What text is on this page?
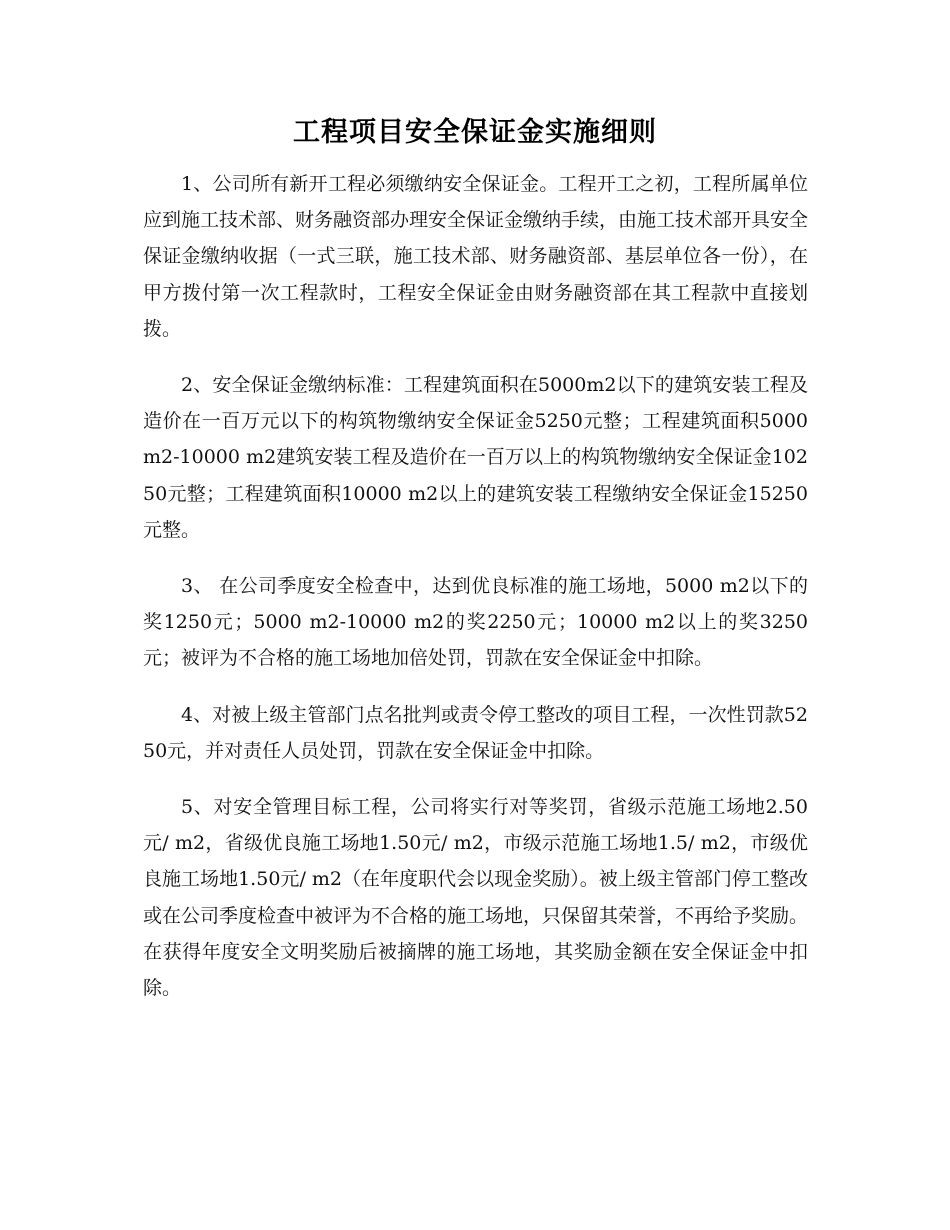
工程项目安全保证金实施细则

1、公司所有新开工程必须缴纳安全保证金。工程开工之初，工程所属单位应到施工技术部、财务融资部办理安全保证金缴纳手续，由施工技术部开具安全保证金缴纳收据（一式三联，施工技术部、财务融资部、基层单位各一份），在甲方拨付第一次工程款时，工程安全保证金由财务融资部在其工程款中直接划拨。

2、安全保证金缴纳标准：工程建筑面积在5000m2以下的建筑安装工程及造价在一百万元以下的构筑物缴纳安全保证金5250元整；工程建筑面积5000m2-10000 m2建筑安装工程及造价在一百万以上的构筑物缴纳安全保证金10250元整；工程建筑面积10000 m2以上的建筑安装工程缴纳安全保证金15250元整。

3、 在公司季度安全检查中，达到优良标准的施工场地，5000 m2以下的奖1250元；5000 m2-10000 m2的奖2250元；10000 m2以上的奖3250元；被评为不合格的施工场地加倍处罚，罚款在安全保证金中扣除。

4、对被上级主管部门点名批判或责令停工整改的项目工程，一次性罚款5250元，并对责任人员处罚，罚款在安全保证金中扣除。

5、对安全管理目标工程，公司将实行对等奖罚，省级示范施工场地2.50元/ m2，省级优良施工场地1.50元/ m2，市级示范施工场地1.5/ m2，市级优良施工场地1.50元/ m2（在年度职代会以现金奖励）。被上级主管部门停工整改或在公司季度检查中被评为不合格的施工场地，只保留其荣誉，不再给予奖励。在获得年度安全文明奖励后被摘牌的施工场地，其奖励金额在安全保证金中扣除。
